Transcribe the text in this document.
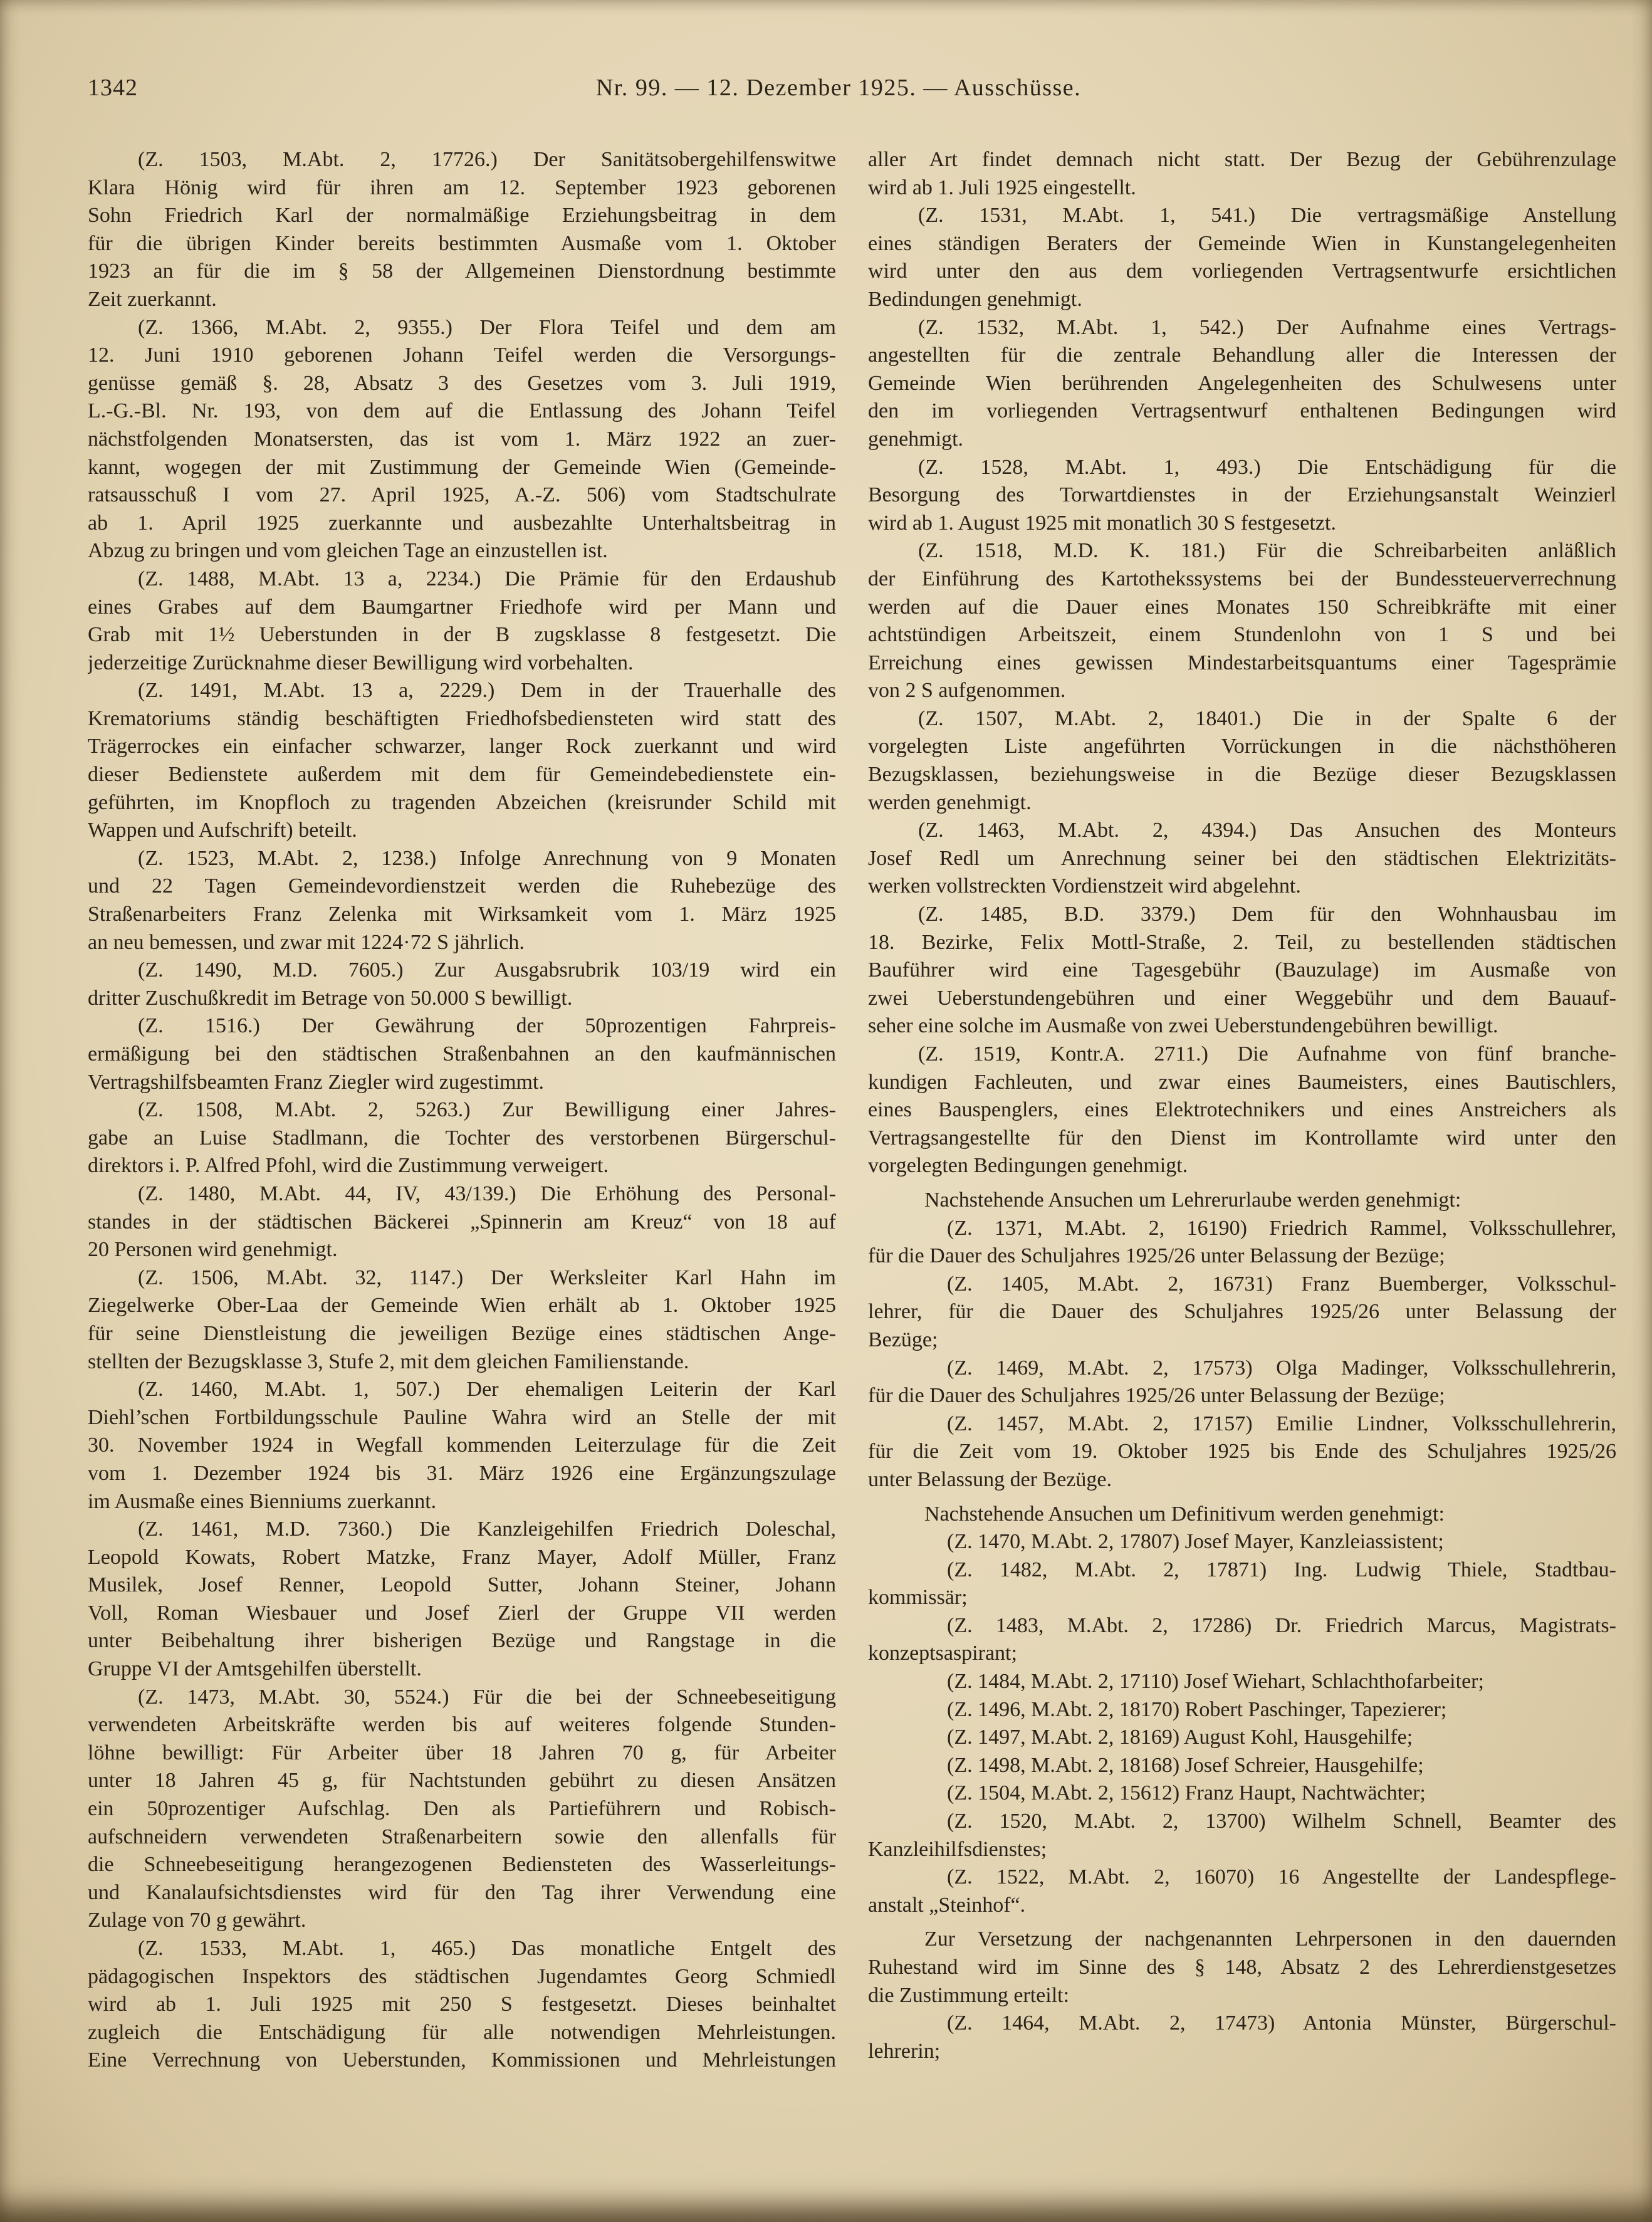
1342	Nr. 99. — 12. Dezember 1925. — Ausschüsse.
(Z. 1503, M.Abt. 2, 17726.) Der Sanitätsobergehilfenswitwe
Klara Hönig wird für ihren am 12. September 1923 geborenen
Sohn Friedrich Karl der normalmäßige Erziehungsbeitrag in dem
für die übrigen Kinder bereits bestimmten Ausmaße vom 1. Oktober
1923 an für die im § 58 der Allgemeinen Dienstordnung bestimmte
Zeit zuerkannt.
(Z. 1366, M.Abt. 2, 9355.) Der Flora Teifel und dem am
12. Juni 1910 geborenen Johann Teifel werden die Versorgungs-
genüsse gemäß §. 28, Absatz 3 des Gesetzes vom 3. Juli 1919,
L.-G.-Bl. Nr. 193, von dem auf die Entlassung des Johann Teifel
nächstfolgenden Monatsersten, das ist vom 1. März 1922 an zuer-
kannt, wogegen der mit Zustimmung der Gemeinde Wien (Gemeinde-
ratsausschuß I vom 27. April 1925, A.-Z. 506) vom Stadtschulrate
ab 1. April 1925 zuerkannte und ausbezahlte Unterhaltsbeitrag in
Abzug zu bringen und vom gleichen Tage an einzustellen ist.
(Z. 1488, M.Abt. 13 a, 2234.) Die Prämie für den Erdaushub
eines Grabes auf dem Baumgartner Friedhofe wird per Mann und
Grab mit 1½ Ueberstunden in der B zugsklasse 8 festgesetzt. Die
jederzeitige Zurücknahme dieser Bewilligung wird vorbehalten.
(Z. 1491, M.Abt. 13 a, 2229.) Dem in der Trauerhalle des
Krematoriums ständig beschäftigten Friedhofsbediensteten wird statt des
Trägerrockes ein einfacher schwarzer, langer Rock zuerkannt und wird
dieser Bedienstete außerdem mit dem für Gemeindebedienstete ein-
geführten, im Knopfloch zu tragenden Abzeichen (kreisrunder Schild mit
Wappen und Aufschrift) beteilt.
(Z. 1523, M.Abt. 2, 1238.) Infolge Anrechnung von 9 Monaten
und 22 Tagen Gemeindevordienstzeit werden die Ruhebezüge des
Straßenarbeiters Franz Zelenka mit Wirksamkeit vom 1. März 1925
an neu bemessen, und zwar mit 1224·72 S jährlich.
(Z. 1490, M.D. 7605.) Zur Ausgabsrubrik 103/19 wird ein
dritter Zuschußkredit im Betrage von 50.000 S bewilligt.
(Z. 1516.) Der Gewährung der 50prozentigen Fahrpreis-
ermäßigung bei den städtischen Straßenbahnen an den kaufmännischen
Vertragshilfsbeamten Franz Ziegler wird zugestimmt.
(Z. 1508, M.Abt. 2, 5263.) Zur Bewilligung einer Jahres-
gabe an Luise Stadlmann, die Tochter des verstorbenen Bürgerschul-
direktors i. P. Alfred Pfohl, wird die Zustimmung verweigert.
(Z. 1480, M.Abt. 44, IV, 43/139.) Die Erhöhung des Personal-
standes in der städtischen Bäckerei „Spinnerin am Kreuz“ von 18 auf
20 Personen wird genehmigt.
(Z. 1506, M.Abt. 32, 1147.) Der Werksleiter Karl Hahn im
Ziegelwerke Ober-Laa der Gemeinde Wien erhält ab 1. Oktober 1925
für seine Dienstleistung die jeweiligen Bezüge eines städtischen Ange-
stellten der Bezugsklasse 3, Stufe 2, mit dem gleichen Familienstande.
(Z. 1460, M.Abt. 1, 507.) Der ehemaligen Leiterin der Karl
Diehl’schen Fortbildungsschule Pauline Wahra wird an Stelle der mit
30. November 1924 in Wegfall kommenden Leiterzulage für die Zeit
vom 1. Dezember 1924 bis 31. März 1926 eine Ergänzungszulage
im Ausmaße eines Bienniums zuerkannt.
(Z. 1461, M.D. 7360.) Die Kanzleigehilfen Friedrich Doleschal,
Leopold Kowats, Robert Matzke, Franz Mayer, Adolf Müller, Franz
Musilek, Josef Renner, Leopold Sutter, Johann Steiner, Johann
Voll, Roman Wiesbauer und Josef Zierl der Gruppe VII werden
unter Beibehaltung ihrer bisherigen Bezüge und Rangstage in die
Gruppe VI der Amtsgehilfen überstellt.
(Z. 1473, M.Abt. 30, 5524.) Für die bei der Schneebeseitigung
verwendeten Arbeitskräfte werden bis auf weiteres folgende Stunden-
löhne bewilligt: Für Arbeiter über 18 Jahren 70 g, für Arbeiter
unter 18 Jahren 45 g, für Nachtstunden gebührt zu diesen Ansätzen
ein 50prozentiger Aufschlag. Den als Partieführern und Robisch-
aufschneidern verwendeten Straßenarbeitern sowie den allenfalls für
die Schneebeseitigung herangezogenen Bediensteten des Wasserleitungs-
und Kanalaufsichtsdienstes wird für den Tag ihrer Verwendung eine
Zulage von 70 g gewährt.
(Z. 1533, M.Abt. 1, 465.) Das monatliche Entgelt des
pädagogischen Inspektors des städtischen Jugendamtes Georg Schmiedl
wird ab 1. Juli 1925 mit 250 S festgesetzt. Dieses beinhaltet
zugleich die Entschädigung für alle notwendigen Mehrleistungen.
Eine Verrechnung von Ueberstunden, Kommissionen und Mehrleistungen
aller Art findet demnach nicht statt. Der Bezug der Gebührenzulage
wird ab 1. Juli 1925 eingestellt.
(Z. 1531, M.Abt. 1, 541.) Die vertragsmäßige Anstellung
eines ständigen Beraters der Gemeinde Wien in Kunstangelegenheiten
wird unter den aus dem vorliegenden Vertragsentwurfe ersichtlichen
Bedindungen genehmigt.
(Z. 1532, M.Abt. 1, 542.) Der Aufnahme eines Vertrags-
angestellten für die zentrale Behandlung aller die Interessen der
Gemeinde Wien berührenden Angelegenheiten des Schulwesens unter
den im vorliegenden Vertragsentwurf enthaltenen Bedingungen wird
genehmigt.
(Z. 1528, M.Abt. 1, 493.) Die Entschädigung für die
Besorgung des Torwartdienstes in der Erziehungsanstalt Weinzierl
wird ab 1. August 1925 mit monatlich 30 S festgesetzt.
(Z. 1518, M.D. K. 181.) Für die Schreibarbeiten anläßlich
der Einführung des Kartothekssystems bei der Bundessteuerverrechnung
werden auf die Dauer eines Monates 150 Schreibkräfte mit einer
achtstündigen Arbeitszeit, einem Stundenlohn von 1 S und bei
Erreichung eines gewissen Mindestarbeitsquantums einer Tagesprämie
von 2 S aufgenommen.
(Z. 1507, M.Abt. 2, 18401.) Die in der Spalte 6 der
vorgelegten Liste angeführten Vorrückungen in die nächsthöheren
Bezugsklassen, beziehungsweise in die Bezüge dieser Bezugsklassen
werden genehmigt.
(Z. 1463, M.Abt. 2, 4394.) Das Ansuchen des Monteurs
Josef Redl um Anrechnung seiner bei den städtischen Elektrizitäts-
werken vollstreckten Vordienstzeit wird abgelehnt.
(Z. 1485, B.D. 3379.) Dem für den Wohnhausbau im
18. Bezirke, Felix Mottl-Straße, 2. Teil, zu bestellenden städtischen
Bauführer wird eine Tagesgebühr (Bauzulage) im Ausmaße von
zwei Ueberstundengebühren und einer Weggebühr und dem Bauauf-
seher eine solche im Ausmaße von zwei Ueberstundengebühren bewilligt.
(Z. 1519, Kontr.A. 2711.) Die Aufnahme von fünf branche-
kundigen Fachleuten, und zwar eines Baumeisters, eines Bautischlers,
eines Bauspenglers, eines Elektrotechnikers und eines Anstreichers als
Vertragsangestellte für den Dienst im Kontrollamte wird unter den
vorgelegten Bedingungen genehmigt.
Nachstehende Ansuchen um Lehrerurlaube werden genehmigt:
(Z. 1371, M.Abt. 2, 16190) Friedrich Rammel, Volksschullehrer,
für die Dauer des Schuljahres 1925/26 unter Belassung der Bezüge;
(Z. 1405, M.Abt. 2, 16731) Franz Buemberger, Volksschul-
lehrer, für die Dauer des Schuljahres 1925/26 unter Belassung der
Bezüge;
(Z. 1469, M.Abt. 2, 17573) Olga Madinger, Volksschullehrerin,
für die Dauer des Schuljahres 1925/26 unter Belassung der Bezüge;
(Z. 1457, M.Abt. 2, 17157) Emilie Lindner, Volksschullehrerin,
für die Zeit vom 19. Oktober 1925 bis Ende des Schuljahres 1925/26
unter Belassung der Bezüge.
Nachstehende Ansuchen um Definitivum werden genehmigt:
(Z. 1470, M.Abt. 2, 17807) Josef Mayer, Kanzleiassistent;
(Z. 1482, M.Abt. 2, 17871) Ing. Ludwig Thiele, Stadtbau-
kommissär;
(Z. 1483, M.Abt. 2, 17286) Dr. Friedrich Marcus, Magistrats-
konzeptsaspirant;
(Z. 1484, M.Abt. 2, 17110) Josef Wiehart, Schlachthofarbeiter;
(Z. 1496, M.Abt. 2, 18170) Robert Paschinger, Tapezierer;
(Z. 1497, M.Abt. 2, 18169) August Kohl, Hausgehilfe;
(Z. 1498, M.Abt. 2, 18168) Josef Schreier, Hausgehilfe;
(Z. 1504, M.Abt. 2, 15612) Franz Haupt, Nachtwächter;
(Z. 1520, M.Abt. 2, 13700) Wilhelm Schnell, Beamter des
Kanzleihilfsdienstes;
(Z. 1522, M.Abt. 2, 16070) 16 Angestellte der Landespflege-
anstalt „Steinhof“.
Zur Versetzung der nachgenannten Lehrpersonen in den dauernden
Ruhestand wird im Sinne des § 148, Absatz 2 des Lehrerdienstgesetzes
die Zustimmung erteilt:
(Z. 1464, M.Abt. 2, 17473) Antonia Münster, Bürgerschul-
lehrerin;
